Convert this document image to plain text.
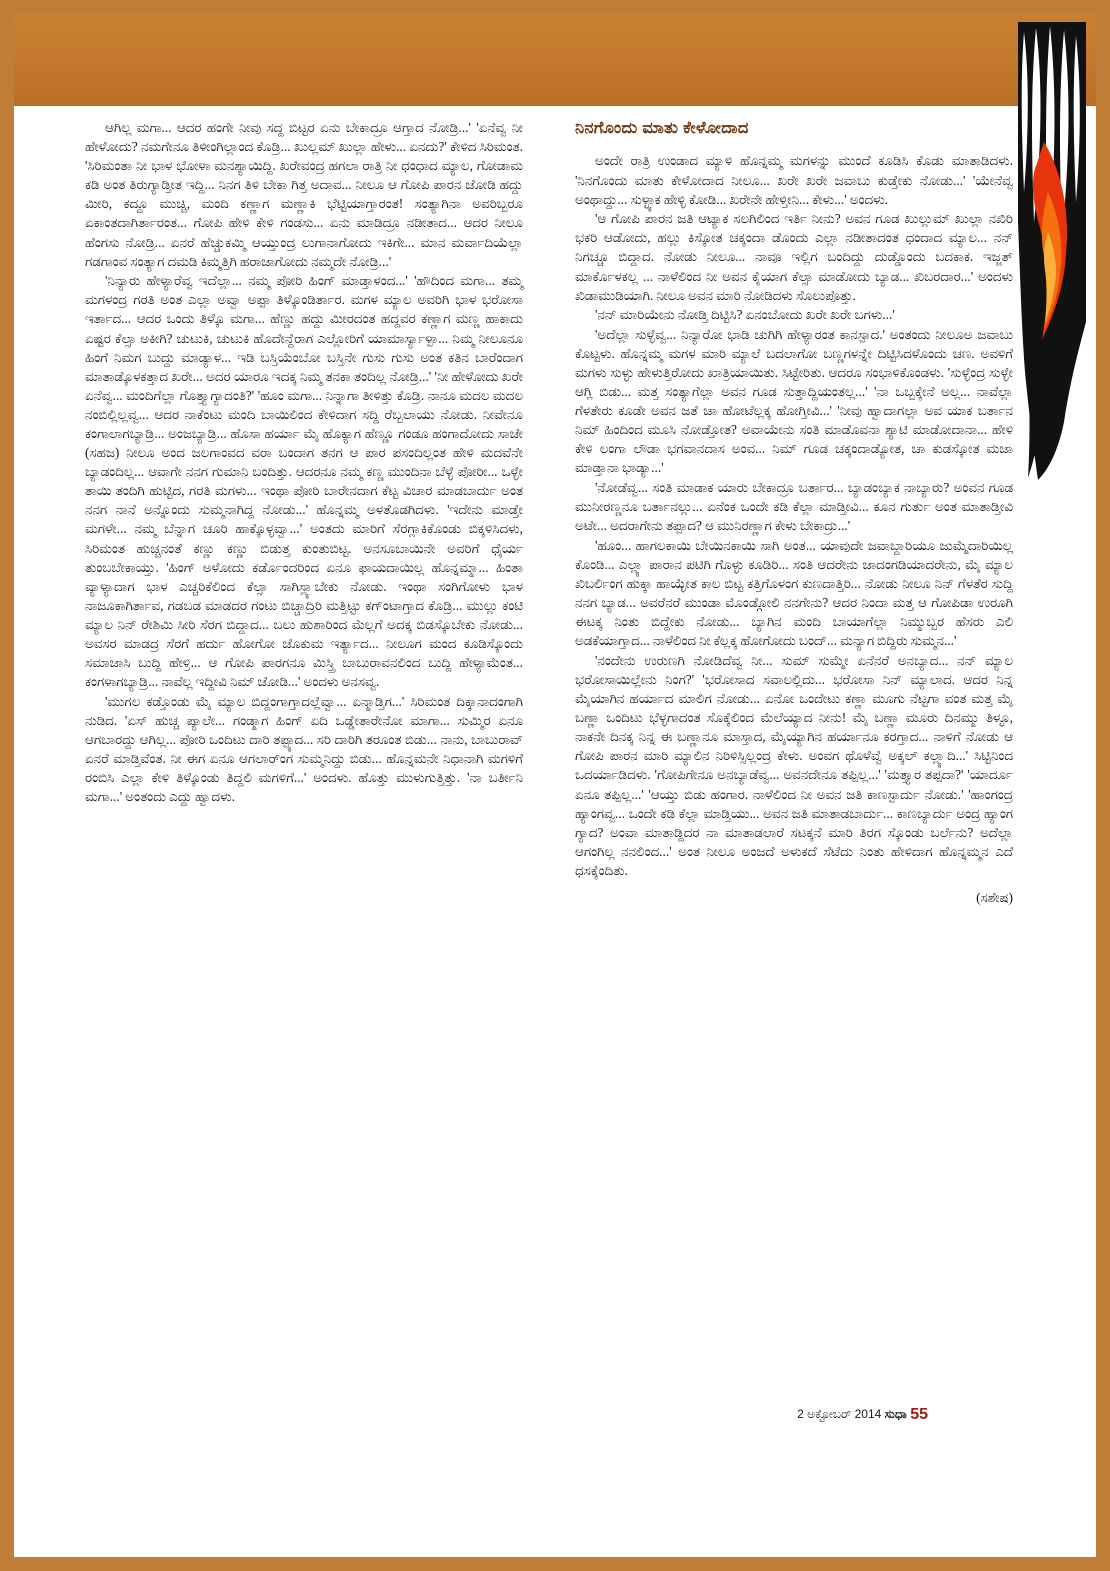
ಆಗಿಲ್ಲ ಮಗಾ... ಆದರ ಹಂಗೇ ನೀವು ಸದ್ದ ಬಿಟ್ಟರ ಏನು ಬೇಕಾದ್ರೂ ಆಗ್ತಾದ ನೋಡ್ರಿ...' 'ಏನೆವ್ವ ನೀ ಹೇಳೋದು? ನಮಗೇನೂ ತಿಳೀಂಗಿಲ್ಲಾಂದ ಕೊಡ್ರಿ... ಖುಲ್ಲಮ್ ಖುಲ್ಲಾ ಹೇಳು... ಏನದು?' ಕೇಳಿದ ಸಿರಿಮಂತ. 'ಸಿರಿಮಂತಾ ನೀ ಭಾಳ ಭೋಳಾ ಮನಶ್ಯಾಯಿದ್ದಿ. ಖರೇವಂದ್ರ ಹಗಲಾ ರಾತ್ರಿ ನೀ ಧಂಧಾದ ಮ್ಯಾಲ, ಗೋಡಾಮ ಕಡಿ ಅಂತ ತಿರುಗ್ಯಾಡ್ತೀತ ಇದ್ದಿ... ನಿನಗ ತಿಳಿ ಬೇಕಾ ಗಿತ್ತ ಅದಾವ... ನೀಲೂ ಆ ಗೋಪಿ ಪಾರನ ಜೋಡಿ ಹದ್ದು ಮೀರಿ, ಕದ್ದೂ ಮುಚ್ಚಿ, ಮಂದಿ ಕಣ್ಣಾಗ ಮಣ್ಣಾಕಿ ಭೆಟ್ಟಿಯಾಗ್ತಾರಂತ! ಸಂತ್ಯಾಗಿನಾ ಅವರಿಬ್ಬರೂ ಏಕಾಂತದಾಗಿರ್ತಾರಂತ... ಗೋಪಿ ಹೇಳಿ ಕೇಳಿ ಗಂಡಸು... ಏನು ಮಾಡಿದ್ರೂ ನಡೀತಾದ... ಆದರ ನೀಲೂ ಹೆಂಗಸು ನೋಡ್ರಿ... ಏನರೆ ಹೆಚ್ಚುಕಮ್ಮಿ ಆಯ್ತುಂದ್ರ ಲುಗಾನಾಗೋದು ಇಕಿಗೇ... ಮಾನ ಮರ್ವಾದಿಯೆಲ್ಲಾ ಗಡಗಾಂವ ಸಂತ್ಯಾಗ ದಮಡಿ ಕಿಮ್ಮತ್ತಿಗಿ ಹರಾಜಾಗೋದು ನಮ್ಮದೇ ನೋಡ್ರಿ...'

'ನಿನ್ಯಾರು ಹೇಳ್ಯಾರೆವ್ವ ಇದೆಲ್ಲಾ... ನಮ್ಮ ಪೋರಿ ಹಿಂಗ್ ಮಾಡ್ತಾಳಂದ...' 'ಹೌದಿಂದ ಮಗಾ... ತಮ್ಮ ಮಗಳಂದ್ರ ಗರತಿ ಅಂತ ಎಲ್ಲಾ ಅವ್ವಾ ಅಪ್ಪಾ ತಿಳ್ಕೊಂಡಿರ್ತಾರ. ಮಗಳ ಮ್ಯಾಲ ಅವರಿಗಿ ಭಾಳ ಭರೋಸಾ ಇರ್ತಾದ... ಆದರ ಒಂದು ತಿಳ್ಕೊ ಮಗಾ... ಹೆಣ್ಣು ಹದ್ದು ಮೀರದಂತ ಹದ್ದವರ ಕಣ್ಣಾಗ ಮಣ್ಣ ಹಾಕಾದು ಏಷ್ಟರ ಕೆಲ್ಸಾ ಅಕೀಗಿ? ಚುಟುಕಿ, ಚುಟುಕಿ ಹೊದೇನ್ದೆರಾಗ ಎಲ್ಲೋರಿಗೆ ಯಾಮಾರ್ಸ್ಯಾಳ್ಪಾ... ನಿಮ್ಮ ನೀಲೂನೂ ಹಿಂಗೆ ನಿಮಗ ಬುದ್ದು ಮಾಡ್ಯಾಳ... ಇಡಿ ಬಸ್ತಿಯೆಂಬೋ ಬಸ್ತಿನೇ ಗುಸು ಗುಸು ಅಂತ ಕತಿನ ಬಾರೆಂದಾಗ ಮಾತಾಡ್ಕೊಳಕತ್ತಾದ ಖರೇ... ಅದರ ಯಾರೂ ಇದಕ್ಕ ನಿಮ್ಮ ತನಕಾ ತಂದಿಲ್ಲ ನೋಡ್ರಿ...' 'ನೀ ಹೇಳೋದು ಖರೇ ಏನೆವ್ವ... ಮಂದಿಗೆಲ್ಲಾ ಗೊತ್ತ್ಯಾಗ್ಯಾದಂತಿ?' 'ಹೂಂ ಮಗಾ... ನಿನ್ನಾಗಾ ತೀಳಿತ್ತು ಕೊಡ್ರಿ. ನಾನೂ ಮದಲ ಮದಲ ನಂಬಿಲ್ಲಿಲ್ಲವ್ವ... ಆದರ ನಾಕೆಂಟು ಮಂದಿ ಬಾಯಿಲಿಂದ ಕೇಳಿದಾಗ ಸದ್ದಿ ರೆಬ್ಬಲಾಯು ನೋಡು. ನೀವೇನೂ ಕಂಗಾಲಾಗಬ್ಯಾಡ್ರಿ... ಅಂಜಬ್ಯಾಡ್ರಿ... ಹೊಸಾ ಹರ್ಯಾ ಮೈ ಹೊಕ್ಯಾಗ ಹೆಣ್ಣೂ ಗಂಡೂ ಹಂಗಾದೋದು ಸಾಜೇ (ಸಹಜ) ನೀಲೂ ಅಂದ ಜಲಗಾಂವದ ವರಾ ಬಂದಾಗ ತನಗ ಆ ಪಾರ ಪಸಂದಿಲ್ಲಂತ ಹೇಳಿ ಮದವೆನೇ ಬ್ಯಾಡಂದಿಲ್ಲ... ಆವಾಗೇ ನನಗ ಗುಮಾನಿ ಬಂದಿತ್ತು. ಆದರನೂ ನಮ್ಮ ಕಣ್ಣ ಮುಂದಿನಾ ಬೆಳ್ಳೆ ಪೋರೀ... ಒಳ್ಳೇ ತಾಯಿ ತಂದಿಗಿ ಹುಟ್ಟಿದ, ಗರತಿ ಮಗಳು... ಇಂಥಾ ಪೋರಿ ಬಾರೇನದಾಗ ಕೆಟ್ಟ ವಿಚಾರ ಮಾಡಬಾರ್ದು ಅಂತ ನನಗ ನಾನೆ ಅನ್ನೊಂದು ಸುಮ್ಮನಾಗಿದ್ದ ನೋಡು...' ಹೊನ್ನಮ್ಮ ಅಳತೊಡಗಿದಳು. 'ಇದೇನು ಮಾಡ್ತೇ ಮಗಳೇ... ನಮ್ಮ ಬೆನ್ನಾಗ ಚೂರಿ ಹಾಕ್ಕೊಳ್ಳವ್ವಾ...' ಅಂತದು ಮಾರಿಗೆ ಸೆರಗ್ಲಾಕಿಕೊಂಡು ಬಿಕ್ಕಳಿಸಿದಳು, ಸಿರಿಮಂತ ಹುಚ್ಚನಂತೆ ಕಣ್ಣು ಕಣ್ಣು ಬಿಡುತ್ತ ಕುಂತುಬಿಟ್ಟ. ಅನಸೂಬಾಯಿನೇ ಅವರಿಗೆ ಧೈರ್ಯ ತುಂಬಬೇಕಾಯ್ತು. 'ಹಿಂಗ್ ಅಳೋದು ಕರ್ಡೊಂದರಿಂದ ಏನೂ ಫಾಯದಾಯಿಲ್ಲ ಹೊನ್ನಮ್ಮಾ... ಹಿಂತಾ ವ್ಯಾಳ್ಯಾದಾಗ ಭಾಳ ಎಚ್ಚರಿಕೆಲಿಂದ ಕೆಲ್ಸಾ ಸಾಗಿಸ್ಲ್ಯಾಬೇಕು ನೋಡು. ಇಂಥಾ ಸಂಗಿಗೋಳು ಭಾಳ ನಾಜೂಕಾಗಿರ್ತಾವ, ಗಡಬಡ ಮಾಡದರ ಗಂಟು ಬಿಚ್ಚಾದ್ರಿರಿ ಮತ್ತಿಟ್ಟು ಕಗ್ಂಟಾಗ್ತಾದ ಕೊಡ್ರಿ... ಮುಲ್ಲು ಕಂಟಿ ಮ್ಯಾಲ ನಿನ್ ರೇಶಿಮಿ ಸೀರಿ ಸೆರಗ ಬಿದ್ದಾದ... ಬಲು ಹುಶಾರಿಂದ ಮೆಲ್ಲಗೆ ಅದಕ್ಕ ಬಿಡಸ್ಕೊಬೇಕು ನೋಡು... ಅವಸರ ಮಾಡದ್ರ ಸೆರಗೆ ಹರ್ದು ಹೋಗೋ ಜೊಕುಮ ಇರ್ತ್ಯಾದ... ನೀಲೂಗ ಮಂದ ಕೂಡಿಸ್ಕೊಂದು ಸಮಾಜಾಸಿ ಬುದ್ದಿ ಹೇಳ್ರಿ... ಆ ಗೋಪಿ ಪಾರಗನೂ ಮಿಸ್ತ್ರಿ ಬಾಬುರಾವನಲಿಂದ ಬುದ್ದಿ ಹೇಳ್ಯಾಮೆಂತ... ಕಂಗಳಾಗಬ್ಯಾಡ್ರಿ... ನಾವೆಲ್ಲ ಇದ್ದೀವಿ ನಿಮ್ ಜೋಡಿ...' ಅಂದಳು ಅನಸವ್ವ.

'ಮುಗಲ ಕಡ್ತೊಂಡು ಮೈ ಮ್ಯಾಲ ಬಿದ್ದಂಗಾಗ್ತಾದಲ್ಲೆವ್ವಾ... ಏನ್ಮಾಡ್ತಿಗ...' ಸಿರಿಮಂತ ದಿಕ್ಕಾನಾದಂಗಾಗಿ ನುಡಿದ. 'ಏಸ್ ಹುಚ್ಚ ಪ್ಯಾಲೇ... ಗಂಡ್ಮಾಗ ಹಿಂಗ್ ಏದಿ ಒಡ್ಡೇತಾರೇನೋ ಮಾಗಾ... ಸುಮ್ಮಿರ ಏನೂ ಆಗಬಾರದ್ದು ಆಗಿಲ್ಲ... ಪೋರಿ ಒಂದಿಟು ದಾರಿ ತಪ್ಪ್ಯಾದ... ಸರಿ ದಾರಿಗಿ ತರೂಂತ ಬಿಡು... ನಾನು, ಬಾಬುರಾವ್ ಏನರೆ ಮಾಡ್ತಿವೆಂತ. ನೀ ಈಗ ಏನೂ ಆಗಲಾರ್ಂಗ ಸುಮ್ಮನಿದ್ದು ಬಿಡು... ಹೊನ್ನಮನೇ ನಿಧಾನಾಗಿ ಮಗಳಿಗೆ ರಂಬಿಸಿ ಎಲ್ಲಾ ಕೇಳಿ ತಿಳ್ಕೊಂಡು ತಿದ್ದಲಿ ಮಗಳಿಗೆ...' ಅಂದಳು. ಹೊತ್ತು ಮುಳುಗುತ್ತಿತ್ತು. 'ನಾ ಬರ್ತೀನಿ ಮಗಾ...' ಅಂತಂದು ಎದ್ದು ಹ್ವಾದಳು.

ನಿನಗೊಂದು ಮಾತು ಕೇಳೋದಾದ

ಅಂದೇ ರಾತ್ರಿ ಉಂಡಾದ ಮ್ಯಾಳಿ ಹೊನ್ನಮ್ಮ ಮಗಳನ್ನು ಮುಂದೆ ಕೂಡಿಸಿ ಕೊಡು ಮಾತಾಡಿದಳು. 'ನಿನಗೊಂದು ಮಾತು ಕೇಳೋದಾದ ನೀಲೂ... ಖರೇ ಖರೇ ಜವಾಬು ಕುಡ್ತೇಕು ನೋಡು...' 'ಯೇನೆವ್ವ ಅಂಥಾದ್ದು... ಸುಳ್ಳ್ಯಾಕ ಹೇಳ್ಳಿ ಕೋಡಿ... ಖರೇನೇ ಹೇಳ್ತೀನಿ... ಕೇಳು...' ಅಂದಳು.

'ಆ ಗೋಪಿ ಪಾರನ ಜತಿ ಆಟ್ಯಾಕ ಸಲಗಿಲಿಂದ ಇರ್ತಿ ನೀನು? ಅವನ ಗೂಡ ಖುಲ್ಲುಮ್ ಖುಲ್ಲಾ ನಖಿರಿ ಭಕರಿ ಆಡೋದು, ಹಲ್ಲು ಕಿಸ್ಕೋತ ಚಕ್ಕಂದಾ ಡೊಂದು ಎಲ್ಲಾ ನಡೀತಾದಂತ ಧಂದಾದ ಮ್ಯಾಲ... ನನ್ ನಿಗಚ್ಚೂ ಬಿದ್ದಾದ. ನೋಡು ನೀಲೂ... ನಾವೂ ಇಲ್ಲಿಗ ಬಂದಿದ್ದು ದುಡ್ಡೊಂದು ಬದಕಾಕ. ಇಜ್ಜತ್ ಮಾರ್ಕೊಳಕಲ್ಲ ... ನಾಳೆಲಿಂದ ನೀ ಅವನ ಕೈಯಾಗ ಕೆಲ್ಸಾ ಮಾಡೋದು ಬ್ಯಾಡ... ಖಿಬರದಾರ...' ಅಂದಳು ಖಿಡಾಮುಡಿಯಾಗಿ. ನೀಲೂ ಅವನ ಮಾರಿ ನೋಡಿದಳು ಸೊಲುಪೊತ್ತು.

'ನನ್ ಮಾರಿಯೇನು ನೋಡ್ತಿ ದಿಟ್ಟಿಸಿ? ಏನಂಬೋದು ಖರೇ ಖರೇ ಬಗಳು...'

'ಅದೆಲ್ಲಾ ಸುಳ್ಳೆವ್ವ... ನಿನ್ಯಾರೋ ಭಾಡಿ ಚುಗಿಗಿ ಹೇಳ್ಯಾರಂತ ಕಾನಸ್ಪಾದ.' ಅಂತಂದು ನೀಲೂಅ ಜವಾಬು ಕೊಟ್ಟಳು. ಹೊನ್ನಮ್ಮ ಮಗಳ ಮಾರಿ ಮ್ಯಾಲೆ ಬದಲಾಗೋ ಬಣ್ಣಗಳನ್ನೇ ದಿಟ್ಟಿಸಿದಳೊಂದು ಚಣ. ಅವಳಿಗೆ ಮಗಳು ಸುಳ್ಳು ಹೇಳುತ್ತಿರೋದು ಖಾತ್ರಿಯಾಯಿತು. ಸಿಟ್ಟೇರಿತು. ಆದರೂ ಸಂಭಾಳಿಕೊಂಡಳು. 'ಸುಳ್ಳೆಂದ್ರ ಸುಳ್ಳೇ ಆಗ್ಲಿ ಬಿಡು... ಮತ್ತ ಸಂತ್ಯಾಗೆಲ್ಲಾ ಅವನ ಗೂಡ ಸುತ್ತಾದ್ದಿಯಂತಲ್ಲ...' 'ನಾ ಒಬ್ಬಕ್ಕೇನೆ ಅಲ್ಲ... ನಾವೆಲ್ಲಾ ಗೆಳತೇರು ಕೂಡೇ ಅವನ ಜತೆ ಚಾ ಹೋಟೆಲ್ಲಕ್ಕ ಹೋಗ್ತೀವಿ...' 'ನೀವು ಹ್ವಾದಾಗಲ್ಲಾ ಅವ ಯಾಕ ಬರ್ತಾನ ನಿಮ್ ಹಿಂದಿಂದ ಮೂಸಿ ನೋಡ್ತೋತ? ಅವಾಯೇನು ಸಂತಿ ಮಾಡೊವನಾ ಶ್ಯಾಟಿ ಮಾಡೋದಾನಾ... ಹೇಳಿ ಕೇಳಿ ಲಂಗಾ ಲೌಡಾ ಭಗವಾನದಾಸ ಅಂವ... ನಿಮ್ ಗೂಡ ಚಕ್ಕಂದಾಡ್ಯೋತ, ಚಾ ಕುಡಸ್ಕೋತ ಮಜಾ ಮಾಡ್ತಾನಾ ಭಾಡ್ಯಾ...'

'ನೋಡೆವ್ವ... ಸಂತಿ ಮಾಡಾಕ ಯಾರು ಬೇಕಾದ್ರೂ ಬರ್ತಾರ... ಬ್ಯಾಡಂಬ್ಯಾಕ ನಾಬ್ಯಾರು? ಅಂವನ ಗೂಡ ಮುನೀರಣ್ಣನೂ ಬರ್ತಾನಲ್ಲು... ಏನೆಂಕ ಒಂದೇ ಕಡಿ ಕೆಲ್ಲಾ ಮಾಡ್ತೀವಿ... ಕೂನ ಗುರ್ತು ಅಂತ ಮಾತಾಡ್ತೀವಿ ಅಟೇ... ಅದರಾಗೇನು ತಪ್ಪಾದ? ಆ ಮುನಿರಣ್ಣಾಗ ಕೇಳು ಬೇಕಾದ್ರು...'

'ಹೂಂ... ಹಾಗಲಕಾಯಿ ಬೇಯಿನಕಾಯಿ ಸಾಗಿ ಅಂತ... ಯಾವುದೇ ಜವಾಬ್ದಾರಿಯೂ ಜುಮ್ಮೆದಾರಿಯಿಲ್ಲ ಕೊಂಡಿ... ಎಲ್ಲ್ಯಾ ಪಾರಾನ ಪಟಿಗಿ ಗೊಳ್ಳು ಕೂಡಿರಿ... ಸಂತಿ ಆದರೇನು ಜಾದಂಗಡಿಯಾದರೇನು, ಮೈ ಮ್ಯಾಲ ಖಿಬರ್ಲಿಂಗ ಹುಕ್ಕಾ ಹಾಯ್ಳೇತ ಕಾಲ ಬಿಟ್ಟ ಕತ್ತಿಗೊಳಂಗ ಕುಣದಾತ್ತಿರಿ... ನೋಡು ನೀಲೂ ನಿನ್ ಗೆಳತೆರ ಸುದ್ದಿ ನನಗ ಬ್ಯಾಡ... ಅವರೆನರೆ ಮುಂಡಾ ಮೊಂಡ್ಗೋಲಿ ನನಗೇನು? ಆದರ ನಿಂದಾ ಮತ್ತ ಆ ಗೋಪಿಡಾ ಉರೂಗಿ ಈಟಕ್ಕ ನಿಂತು ಬಿದ್ದೇಕು ನೋಡು... ಬ್ಯಾಗಿನ ಮಂದಿ ಬಾಯಾಗೆಲ್ಲಾ ನಿಮ್ಮುಬ್ಬರ ಹೆಸರು ಎಲಿ ಅಡಕೆಯಾಗ್ತಾದ... ನಾಳೆಲಿಂದ ನೀ ಕೆಲ್ಲಕ್ಕ ಹೋಗೋದು ಬಂದ್... ಮನ್ಯಾಗ ಬಿದ್ದಿರು ಸುಮ್ಮನ...'

'ನಂದೇನು ಉರುಣಗಿ ನೋಡಿದೆವ್ವ ನೀ... ಸುಮ್ ಸುಮ್ಮೇ ಏನೆನರೆ ಅನಬ್ಯಾದ... ನನ್ ಮ್ಯಾಲ ಭರೋಸಾಯಿಲ್ಲೇನು ನಿಂಗ?' 'ಭರೋಸಾದ ಸವಾಲಲ್ಲಿದು... ಭರೋಸಾ ನಿನ್ ಮ್ಯಾಲಾದ. ಆದರ ನಿನ್ನ ಮೈಯಾಗಿನ ಹರ್ಯಾದ ಮಾಲಿಗ ನೋಡು... ಏನೋ ಒಂದೇಟು ಕಣ್ಣಾ ಮೂಗು ನೆಟ್ಟಗಾ ವಂತ ಮತ್ತ ಮೈ ಬಣ್ಣಾ ಒಂದಿಟು ಭೆಳ್ಳಗಾದಂತ ಸೊಕ್ಕೆಲಿಂದ ಮೆಲೆಯ್ಯಾದ ನೀನು! ಮೈ ಬಣ್ಣಾ ಮೂರು ದಿನಮ್ಮು ತಿಳ್ಳೂ, ನಾಕನೇ ದಿನಕ್ಕ ನಿನ್ನ ಈ ಬಣ್ಣಾನೂ ಮಾಸ್ತಾದ, ಮೈಯ್ಯಾಗಿನ ಹರ್ಯಾನೂ ಕರಗ್ತಾದ... ನಾಳಿಗೆ ನೋಡು ಆ ಗೋಪಿ ಪಾರನ ಮಾರಿ ಮ್ಯಾಲಿನ ನಿರಿಳಿಸ್ಸಿಲ್ಲಂದ್ರ ಕೇಳು. ಅಂವಗ ಥೊಳೆವ್ವೆ ಅಕ್ಕಲ್ ಕಲ್ಲ್ಯಾದಿ...' ಸಿಟ್ಟಿನಿಂದ ಒದರ್ಯಾಡಿದಳು. 'ಗೋಪಿಗೇನೂ ಅನಬ್ಯಾಡೆವ್ವ... ಅವನದೇನೂ ತಪ್ಪಿಲ್ಲ...' 'ಮತ್ತ್ಯಾರ ತಪ್ಪದಾ?' 'ಯಾರ್ದೂ ಏನೂ ತಪ್ಪಿಲ್ಲ...' 'ಆಯ್ತು ಬಿಡು ಹಂಗಾರ. ನಾಳೆಲಿಂದ ನೀ ಅವನ ಜತಿ ಕಾಣಸ್ಪಾರ್ದು ನೋಡು.' 'ಹಾಂಗಂದ್ರ ಹ್ಯಾಂಗವ್ವ... ಒಂದೇ ಕಡಿ ಕೆಲ್ಲಾ ಮಾಡ್ತಿಯು... ಅವನ ಜತಿ ಮಾತಾಡಬಾರ್ದು... ಕಾಣಬ್ಯಾರ್ದು ಅಂದ್ರ ಹ್ಯಾಂಗ ಗ್ಯಾದ? ಅಂವಾ ಮಾತಾಡ್ದಿದರ ನಾ ಮಾತಾಡಲಾರೆ ಸಟಕ್ಕನೆ ಮಾರಿ ತಿರಗ ಸ್ಕೊಂಡು ಬರ್ಲೆನು? ಅದೆಲ್ಲಾ ಆಗಂಗಿಲ್ಲ ನನಲಿಂದ...' ಅಂತ ನೀಲೂ ಅಂಜದೆ ಅಳುಕದೆ ಸೆಟೆದು ನಿಂತು ಹೇಳಿದಾಗ ಹೊನ್ನಮ್ಮನ ಎದೆ ಧಸಕ್ಕೆಂದಿತು.

(ಸಶೇಷ)
2 ಅಕ್ಟೋಬರ್ 2014 ಸುಧಾ 55
